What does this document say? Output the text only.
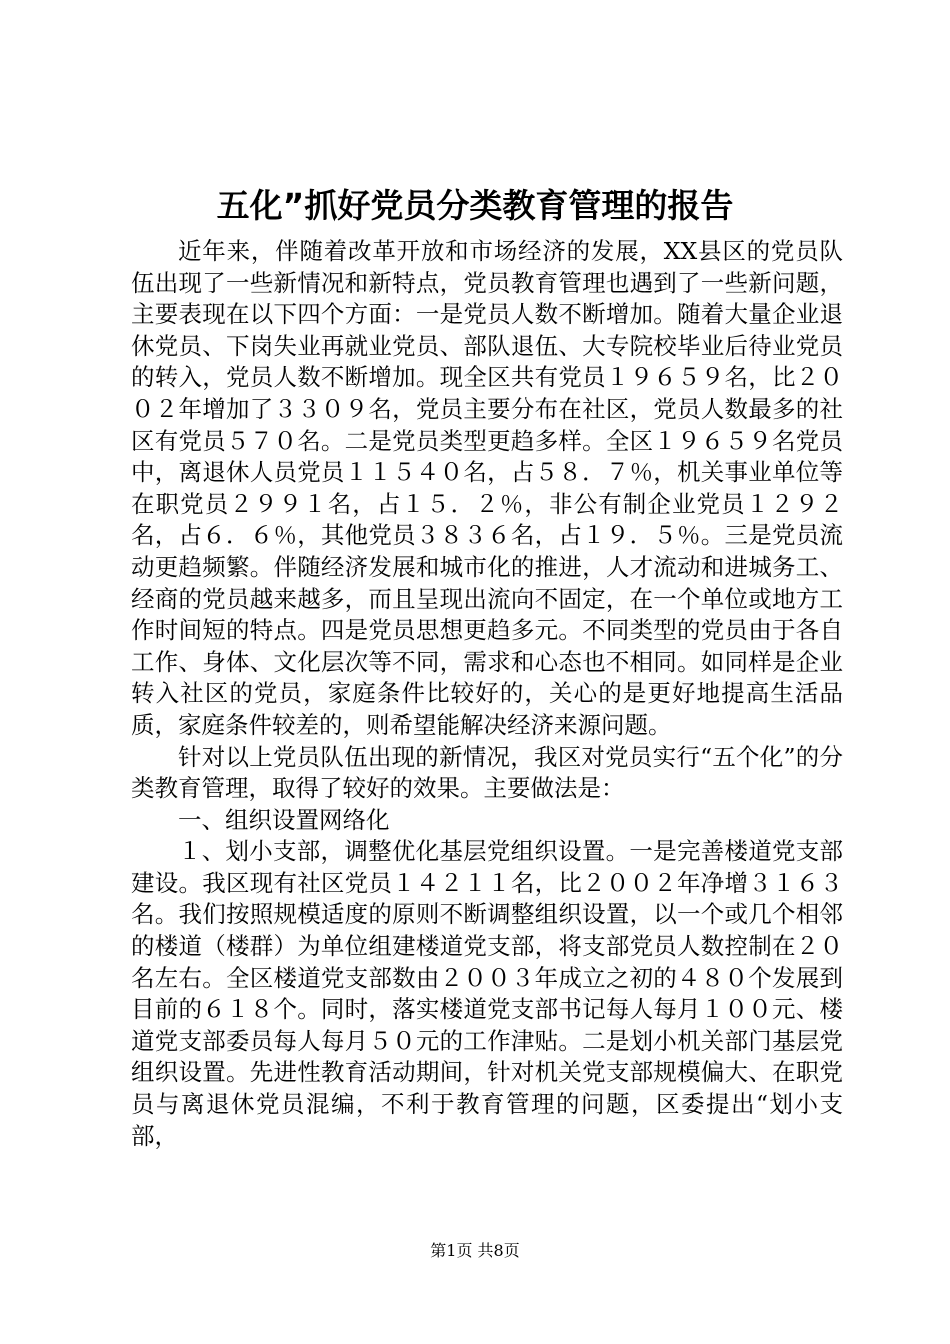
五化”抓好党员分类教育管理的报告

近年来，伴随着改革开放和市场经济的发展，XX县区的党员队伍出现了一些新情况和新特点，党员教育管理也遇到了一些新问题，主要表现在以下四个方面：一是党员人数不断增加。随着大量企业退休党员、下岗失业再就业党员、部队退伍、大专院校毕业后待业党员的转入，党员人数不断增加。现全区共有党员１９６５９名，比２００２年增加了３３０９名，党员主要分布在社区，党员人数最多的社区有党员５７０名。二是党员类型更趋多样。全区１９６５９名党员中，离退休人员党员１１５４０名，占５８．７％，机关事业单位等在职党员２９９１名，占１５．２％，非公有制企业党员１２９２名，占６．６％，其他党员３８３６名，占１９．５％。三是党员流动更趋频繁。伴随经济发展和城市化的推进，人才流动和进城务工、经商的党员越来越多，而且呈现出流向不固定，在一个单位或地方工作时间短的特点。四是党员思想更趋多元。不同类型的党员由于各自工作、身体、文化层次等不同，需求和心态也不相同。如同样是企业转入社区的党员，家庭条件比较好的，关心的是更好地提高生活品质，家庭条件较差的，则希望能解决经济来源问题。

针对以上党员队伍出现的新情况，我区对党员实行“五个化”的分类教育管理，取得了较好的效果。主要做法是：

一、组织设置网络化

１、划小支部，调整优化基层党组织设置。一是完善楼道党支部建设。我区现有社区党员１４２１１名，比２００２年净增３１６３名。我们按照规模适度的原则不断调整组织设置，以一个或几个相邻的楼道（楼群）为单位组建楼道党支部，将支部党员人数控制在２０名左右。全区楼道党支部数由２００３年成立之初的４８０个发展到目前的６１８个。同时，落实楼道党支部书记每人每月１００元、楼道党支部委员每人每月５０元的工作津贴。二是划小机关部门基层党组织设置。先进性教育活动期间，针对机关党支部规模偏大、在职党员与离退休党员混编，不利于教育管理的问题，区委提出“划小支部，

第1页 共8页
